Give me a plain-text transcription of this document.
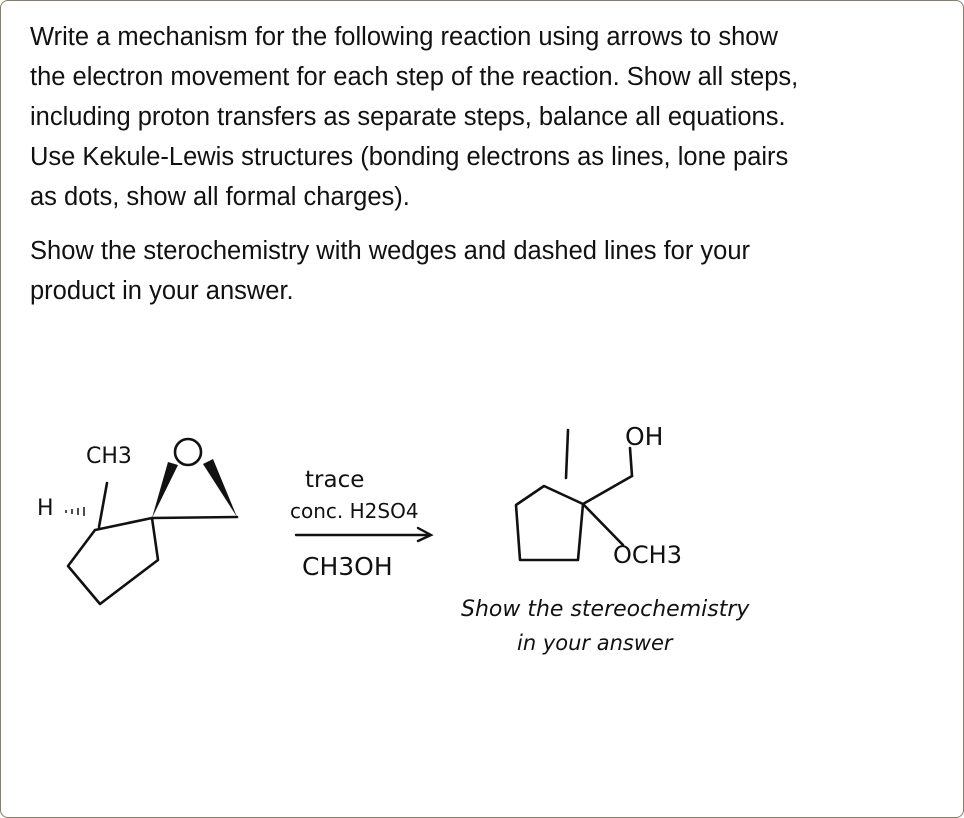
Write a mechanism for the following reaction using arrows to show
the electron movement for each step of the reaction. Show all steps,
including proton transfers as separate steps, balance all equations.
Use Kekule-Lewis structures (bonding electrons as lines, lone pairs
as dots, show all formal charges).
Show the sterochemistry with wedges and dashed lines for your
product in your answer.
CH3
H
trace
conc. H2SO4
CH3OH
OH
OCH3
Show the stereochemistry
in your answer
